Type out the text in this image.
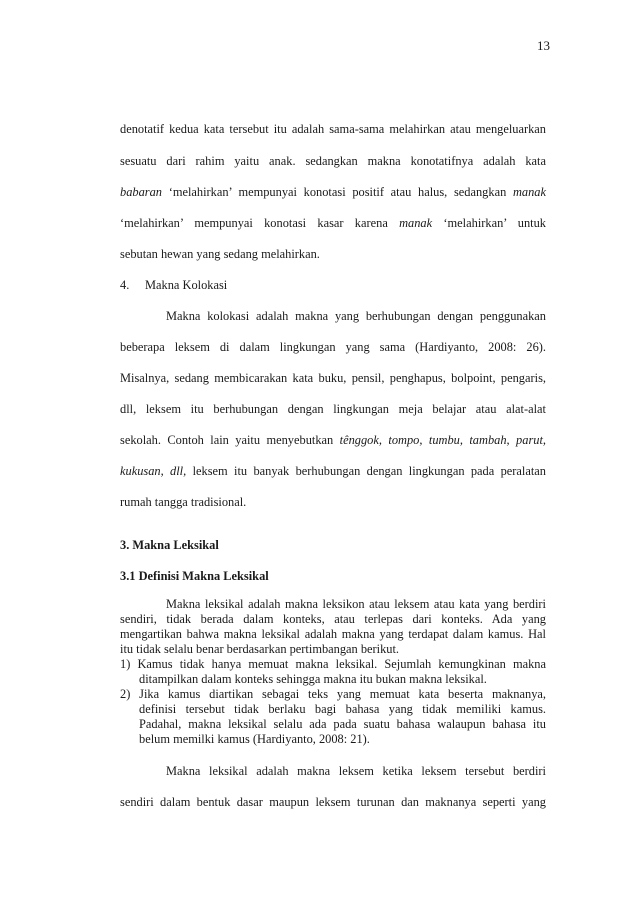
13
denotatif kedua kata tersebut itu adalah sama-sama melahirkan atau mengeluarkan
sesuatu dari rahim yaitu anak. sedangkan makna konotatifnya adalah kata
babaran ‘melahirkan’ mempunyai konotasi positif atau halus, sedangkan manak
‘melahirkan’ mempunyai konotasi kasar karena manak ‘melahirkan’ untuk
sebutan hewan yang sedang melahirkan.
4. Makna Kolokasi
Makna kolokasi adalah makna yang berhubungan dengan penggunakan
beberapa leksem di dalam lingkungan yang sama (Hardiyanto, 2008: 26).
Misalnya, sedang membicarakan kata buku, pensil, penghapus, bolpoint, pengaris,
dll, leksem itu berhubungan dengan lingkungan meja belajar atau alat-alat
sekolah. Contoh lain yaitu menyebutkan tênggok, tompo, tumbu, tambah, parut,
kukusan, dll, leksem itu banyak berhubungan dengan lingkungan pada peralatan
rumah tangga tradisional.
3. Makna Leksikal
3.1 Definisi Makna Leksikal
Makna leksikal adalah makna leksikon atau leksem atau kata yang berdiri
sendiri, tidak berada dalam konteks, atau terlepas dari konteks. Ada yang
mengartikan bahwa makna leksikal adalah makna yang terdapat dalam kamus. Hal
itu tidak selalu benar berdasarkan pertimbangan berikut.
1) Kamus tidak hanya memuat makna leksikal. Sejumlah kemungkinan makna
ditampilkan dalam konteks sehingga makna itu bukan makna leksikal.
2) Jika kamus diartikan sebagai teks yang memuat kata beserta maknanya,
definisi tersebut tidak berlaku bagi bahasa yang tidak memiliki kamus.
Padahal, makna leksikal selalu ada pada suatu bahasa walaupun bahasa itu
belum memilki kamus (Hardiyanto, 2008: 21).
Makna leksikal adalah makna leksem ketika leksem tersebut berdiri
sendiri dalam bentuk dasar maupun leksem turunan dan maknanya seperti yang
